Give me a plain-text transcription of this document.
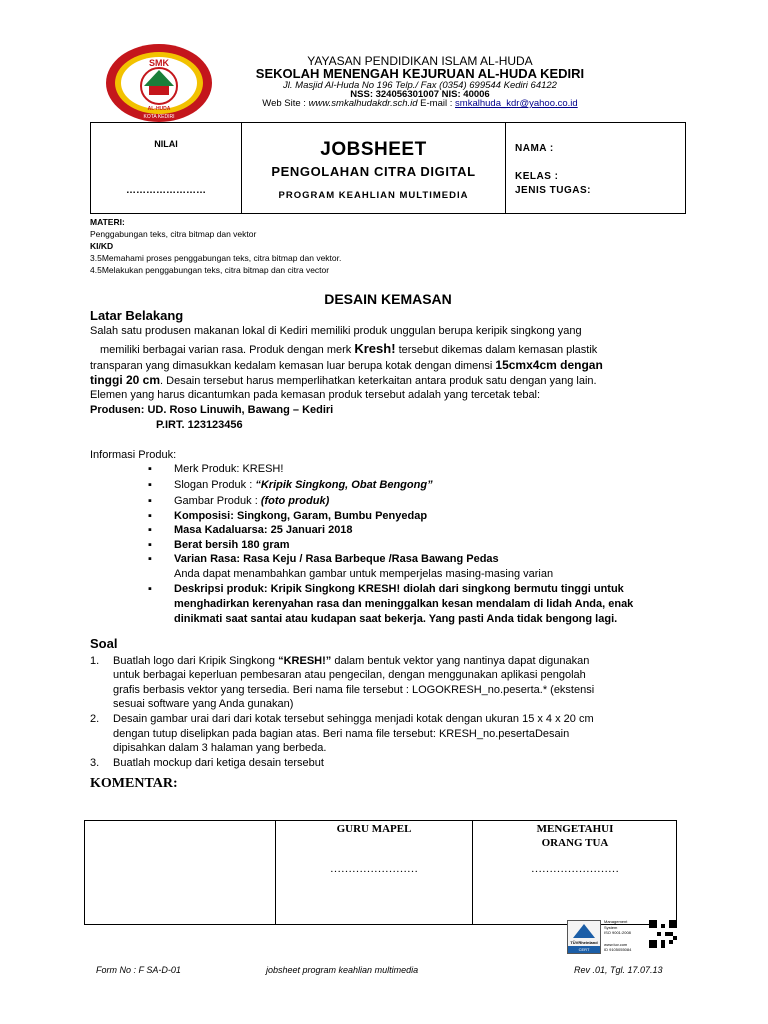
SMK
AL-HUDA
KOTA KEDIRI
YAYASAN PENDIDIKAN ISLAM AL-HUDA
SEKOLAH MENENGAH KEJURUAN AL-HUDA KEDIRI
Jl. Masjid Al-Huda No 196 Telp./ Fax (0354) 699544 Kediri 64122
NSS: 324056301007 NIS: 40006
Web Site : www.smkalhudakdr.sch.id E-mail : smkalhuda_kdr@yahoo.co.id
NILAI
……………………
JOBSHEET
PENGOLAHAN CITRA DIGITAL
PROGRAM KEAHLIAN MULTIMEDIA
NAMA :
KELAS :
JENIS TUGAS:
MATERI:
Penggabungan teks, citra bitmap dan vektor
KI/KD
3.5Memahami proses penggabungan teks, citra bitmap dan vektor.
4.5Melakukan penggabungan teks, citra bitmap dan citra vector
DESAIN KEMASAN
Latar Belakang
Salah satu produsen makanan lokal di Kediri memiliki produk unggulan berupa keripik singkong yang
memiliki berbagai varian rasa. Produk dengan merk Kresh! tersebut dikemas dalam kemasan plastik
transparan yang dimasukkan kedalam kemasan luar berupa kotak dengan dimensi 15cmx4cm dengan
tinggi 20 cm. Desain tersebut harus memperlihatkan keterkaitan antara produk satu dengan yang lain.
Elemen yang harus dicantumkan pada kemasan produk tersebut adalah yang tercetak tebal:
Produsen: UD. Roso Linuwih, Bawang – Kediri
P.IRT. 123123456
Informasi Produk:
▪ Merk Produk: KRESH!
▪ Slogan Produk : “Kripik Singkong, Obat Bengong”
▪ Gambar Produk : (foto produk)
▪ Komposisi: Singkong, Garam, Bumbu Penyedap
▪ Masa Kadaluarsa: 25 Januari 2018
▪ Berat bersih 180 gram
▪ Varian Rasa: Rasa Keju / Rasa Barbeque /Rasa Bawang Pedas
Anda dapat menambahkan gambar untuk memperjelas masing-masing varian
▪ Deskripsi produk: Kripik Singkong KRESH! diolah dari singkong bermutu tinggi untuk
menghadirkan kerenyahan rasa dan meninggalkan kesan mendalam di lidah Anda, enak
dinikmati saat santai atau kudapan saat bekerja. Yang pasti Anda tidak bengong lagi.
Soal
1. Buatlah logo dari Kripik Singkong “KRESH!” dalam bentuk vektor yang nantinya dapat digunakan
untuk berbagai keperluan pembesaran atau pengecilan, dengan menggunakan aplikasi pengolah
grafis berbasis vektor yang tersedia. Beri nama file tersebut : LOGOKRESH_no.peserta.* (ekstensi
sesuai software yang Anda gunakan)
2. Desain gambar urai dari dari kotak tersebut sehingga menjadi kotak dengan ukuran 15 x 4 x 20 cm
dengan tutup diselipkan pada bagian atas. Beri nama file tersebut: KRESH_no.pesertaDesain
dipisahkan dalam 3 halaman yang berbeda.
3. Buatlah mockup dari ketiga desain tersebut
KOMENTAR:
GURU MAPEL
……………………
MENGETAHUI
ORANG TUA
……………………
TÜVRheinland
CERT
Management
System
ISO 9001:2008
www.tuv.com
ID 9105055084
Form No : F SA-D-01	jobsheet program keahlian multimedia	Rev .01, Tgl. 17.07.13
